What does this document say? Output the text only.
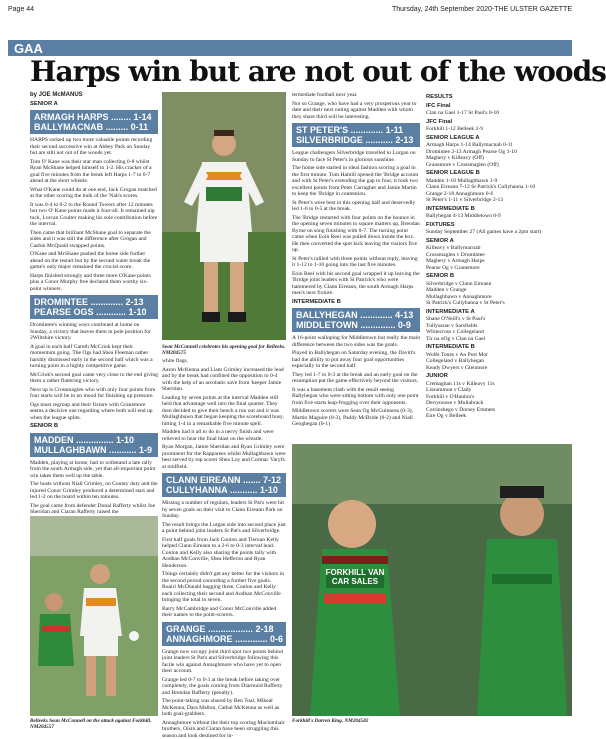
Page 44	Thursday, 24th September 2020-THE ULSTER GAZETTE
GAA
Harps win but are not out of the woods

by JOE McMANUS

SENIOR A
ARMAGH HARPS ........ 1-14
BALLYMACNAB ......... 0-11

HARPS racked up two more valuable points recording their second successive win at Abbey Park on Sunday but are still not out of the woods yet.

Tom O' Kane was their star man collecting 0-8 whilst Ryan McShane helped himself to 1-2. His cracker of a goal five minutes from the break left Harps 1-7 to 0-7 ahead at the short whistle.

What O'Kane could do at one end, Jack Grogan matched at the other scoring the bulk of the 'Nab's scores.

It was 0-4 to 0-2 to the Round Towers after 12 minutes but two O' Kane points made it four-all. It remained nip tuck, Lorcan Coulter making his sole contribution before the interval.

Then came that brilliant McShane goal to separate the sides and it was still the difference after Grogan and Cashin McQuaid swapped points.

O'Kane and McShane pushed the home side further ahead on the restart but by the second water break the game's only major remained the crucial score.

Harps finished strongly and three more O'Kane points plus a Conor Murphy free declared them worthy six-point winners.

DROMINTEE ............. 2-13
PEARSE OGS ............ 1-10

Dromintee's winning ways continued at home on Sunday, a victory that leaves them in pole position for 2Wiltshire victory.

A goal in each half Gareth McCriok kept their momentum going. The Ogs had Shea Fleeman rather harshly dismissed early in the second half which was a turning point in a highly competitive game.

McCriok's second goal came very close to the end giving them a rather flattering victory.

Next up is Crossmaglen who with only four points from four starts will be in no mood for finishing up pressure.

Ogs must regroup and their fixture with Granemore seems a decisive one regarding where both will end up when the league splits.

SENIOR B
MADDEN ............... 1-10
MULLAGHBAWN ........... 1-9

Madden, playing at home, had to withstand a late rally from the south Armagh side, yet that all-important point win takes them well up the table.

The hosts without Niall Grimley, on County duty and the injured Conor Grimley produced a determined start and led 1-2 on the board within ten minutes.

The goal came from defender Donal Rafferty whilst Joe Sheridan and Ciaran Rafferty raised the

Sean McConnell celebrates his opening goal for Belleeks. NM204575

white flags.

Aaron McKenna and Liam Grimley increased the lead and by the break had confined the opposition to 0-4 with the help of an acrobatic save from 'keeper Jamie Sheridan.

Leading by seven points at the interval Madden still held that advantage well into the final quarter. They then decided to give their bench a run out and it was Mullaghbawn that began keeping the scoreboard busy, hitting 1-4 in a remarkable five minute spell.

Madden had it all to do in a nervy finish and were relieved to hear the final blast on the whistle.

Ryan Morgan, Jamie Sheridan and Ryan Grimley were prominent for the Rapparees whilst Mullaghbawn were best served by top scorer Shea Loy and Cormac Varyfs at midfield.

CLANN EIREANN ....... 7-12
CULLYHANNA ........... 1-10

Missing a number of regulars, leaders St Pat's were hit by seven goals on their visit to Clann Eireann Park on Sunday.

The result brings the Lurgan side into second place just a point behind joint leaders St Pat's and Silverbridge.

First half goals from Jack Conlon and Tiernan Kelly helped Clann Eireann to a 2-6 to 0-3 interval lead. Conlon and Kelly also sharing the points tally with Aodhan McConville, Shea Hefferon and Ryan Henderson.

Things certainly didn't get any better for the visitors in the second period conceding a further five goals. Ruairi McDonald bagging three, Conlon and Kelly each collecting their second and Aodhan McConville bringing the total to seven.

Barry McCambridge and Conor McConville added their names to the point-scorers.

GRANGE .................. 2-18
ANNAGHMORE ............. 0-6

Grange now occupy joint third spot two points behind joint leaders St Pat's and Silverbridge following this facile win against Annaghmore who have yet to open their account.

Grange led 0-7 to 0-3 at the break before taking over completely, the goals coming from Diarmuid Rafferty and Brendan Rafferty (penalty).

The point-taking was shared by Ben Toal, Mikeal McKenna, Dara Mallon, Cathal McKenna as well as both goal-grabbers.

Annaghmore without the their top scoring Maclomhair brothers, Oisin and Ciaran have been struggling this season and look destined for in-

termediate football next year.

Not so Grange, who have had a very prosperous year to date and their next outing against Madden with whom they share third will be interesting.

ST PETER'S ............. 1-11
SILVERBRIDGE ........... 2-13

League challengers Silverbridge travelled to Lurgan on Sunday to face St Peter's in glorious sunshine.

The home side started in ideal fashion scoring a goal in the first minute. Tom Hamill opened the 'Bridge account and with St Peter's extending the gap to four, it took two excellent points from Peter Carragher and Jamie Martin to keep the 'Bridge in contention.

St Peter's were best in this opening half and deservedly led 1-6 to 0-5 at the break.

The 'Bridge restarted with four points on the bounce in the opening seven minutes to square matters up, Brendan Byrne on song finishing with 0-7. The turning point came when Eoin Reel was pulled down inside the box. He then converted the spot kick leaving the visitors five up.

St Peter's rallied with three points without reply, leaving it 1-12 to 1-10 going into the last five minutes.

Eoin Reel with his second goal wrapped it up leaving the 'Bridge joint leaders with St Patrick's who were hammered by Clann Eireann, the south Armagh Harps men's next fixture.

INTERMEDIATE B
BALLYHEGAN ............. 4-13
MIDDLETOWN .............. 0-9

A 16-point walloping for Middletown but really the main difference between the two sides was the goals.

Played in Ballyhegan on Saturday evening, the Davitt's had the ability to put away four goal opportunities especially in the second half.

They led 1-7 to 0-3 at the break and an early goal on the resumption put the game effectively beyond the visitors.

It was a basement clash with the result seeing Ballyhegan who were sitting bottom with only one point from five starts leap-frogging over their opponents.

Middletown scorers were Sean Og McGuinness (0-3), Martin Maguire (0-3), Paddy McBride (0-2) and Niall Geoghegan (0-1)

RESULTS
IFC Final
Clan na Gael 1-17 St Paul's 0-10
JFC Final
Forkhill 1-12 Belleek 2-9
SENIOR LEAGUE A
Armagh Harps 1-14 Ballymacnab 0-11
Dromintee 2-13 Armagh Pearse Og 1-10
Maghery v Killeavy (Off)
Granemore v Crossmaglen (Off)
SENIOR LEAGUE B
Madden 1-10 Mullaghbawn 1-9
Clann Eireann 7-12 St Patrick's Cullyhanna 1-10
Grange 2-18 Annaghmore 0-6
St Peter's 1-11 v Silverbridge 2-13
INTERMEDIATE B
Ballyhegan 4-13 Middletown 0-9
FIXTURES
Sunday September 27 (All games have a 2pm start)
SENIOR A
Killeavy v Ballymacnab
Crossmaglen v Dromintee
Maghery v Armagh Harps
Pearse Og v Granemore
SENIOR B
Silverbridge v Clann Eireann
Madden v Grange
Mullaghbawn v Annaghmore
St Patrick's Cullyhanna v St Peter's
INTERMEDIATE A
Shane O'Neill's v St Paul's
Tullysaran v Sarsfields
Whitecross v Collegeland
Tir na nOg v Clan na Gael
INTERMEDIATE B
Wolfe Tones v An Port Mor
Collegeland v Ballyhegan
Keady Dwyers v Glenmore
JUNIOR
Cremaghan 11s v Killeavy 11s
Lissummon v Clady
Forkhill v O'Hanlon's
Derrynoose v Mullabrack
Corrinshego v Dorsey Emmets
Eire Og v Belleek
Belleeks Sean McConnell on the attack against Forkhill. NM204557
FORKHILL VAN CAR SALES
Forkhill's Darren King. NM204582
